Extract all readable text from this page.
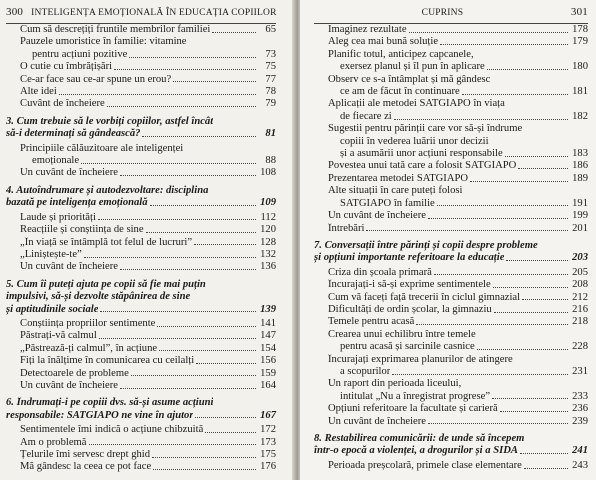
300 INTELIGENȚA EMOȚIONALĂ ÎN EDUCAȚIA COPIILOR
Cum să descrețiți fruntile membrilor familiei	65
Pauzele umoristice în familie: vitamine
pentru acțiuni pozitive	73
O cutie cu îmbrățișări	75
Ce-ar face sau ce-ar spune un erou?	77
Alte idei	78
Cuvânt de încheiere	79
3. Cum trebuie să le vorbiți copiilor, astfel încât
să-i determinați să gândească?	81
Principiile călăuzitoare ale inteligenței
emoționale	88
Un cuvânt de încheiere	108
4. Autoîndrumare și autodezvoltare: disciplina
bazată pe inteligența emoțională	109
Laude și priorități	112
Reacțiile și conștiința de sine	120
„În viață se întâmplă tot felul de lucruri”	128
„Liniștește-te”	132
Un cuvânt de încheiere	136
5. Cum îi puteți ajuta pe copii să fie mai puțin
impulsivi, să-și dezvolte stăpânirea de sine
și aptitudinile sociale	139
Conștiința propriilor sentimente	141
Păstrați-vă calmul	147
„Păstrează-ți calmul”, în acțiune	154
Fiți la înălțime în comunicarea cu ceilalți	156
Detectoarele de probleme	159
Un cuvânt de încheiere	164
6. Îndrumați-i pe copiii dvs. să-și asume acțiuni
responsabile: SATGIAPO ne vine în ajutor	167
Sentimentele îmi indică o acțiune chibzuită	172
Am o problemă	173
Țelurile îmi servesc drept ghid	175
Mă gândesc la ceea ce pot face	176
CUPRINS	301
Imaginez rezultate	178
Aleg cea mai bună soluție	179
Planific totul, anticipez capcanele,
exersez planul și îl pun în aplicare	180
Observ ce s-a întâmplat și mă gândesc
ce am de făcut în continuare	181
Aplicații ale metodei SATGIAPO în viața
de fiecare zi	182
Sugestii pentru părinții care vor să-și îndrume
copiii în vederea luării unor decizii
și a asumării unor acțiuni responsabile	183
Povestea unui tată care a folosit SATGIAPO	186
Prezentarea metodei SATGIAPO	189
Alte situații în care puteți folosi
SATGIAPO în familie	191
Un cuvânt de încheiere	199
Întrebări	201
7. Conversații între părinți și copii despre probleme
și opțiuni importante referitoare la educație	203
Criza din școala primară	205
Încurajați-i să-și exprime sentimentele	208
Cum vă faceți față trecerii în ciclul gimnazial	212
Dificultăți de ordin școlar, la gimnaziu	216
Temele pentru acasă	218
Crearea unui echilibru între temele
pentru acasă și sarcinile casnice	228
Încurajați exprimarea planurilor de atingere
a scopurilor	231
Un raport din perioada liceului,
intitulat „Nu a înregistrat progrese”	233
Opțiuni referitoare la facultate și carieră	236
Un cuvânt de încheiere	239
8. Restabilirea comunicării: de unde să începem
într-o epocă a violenței, a drogurilor și a SIDA	241
Perioada preșcolară, primele clase elementare	243
